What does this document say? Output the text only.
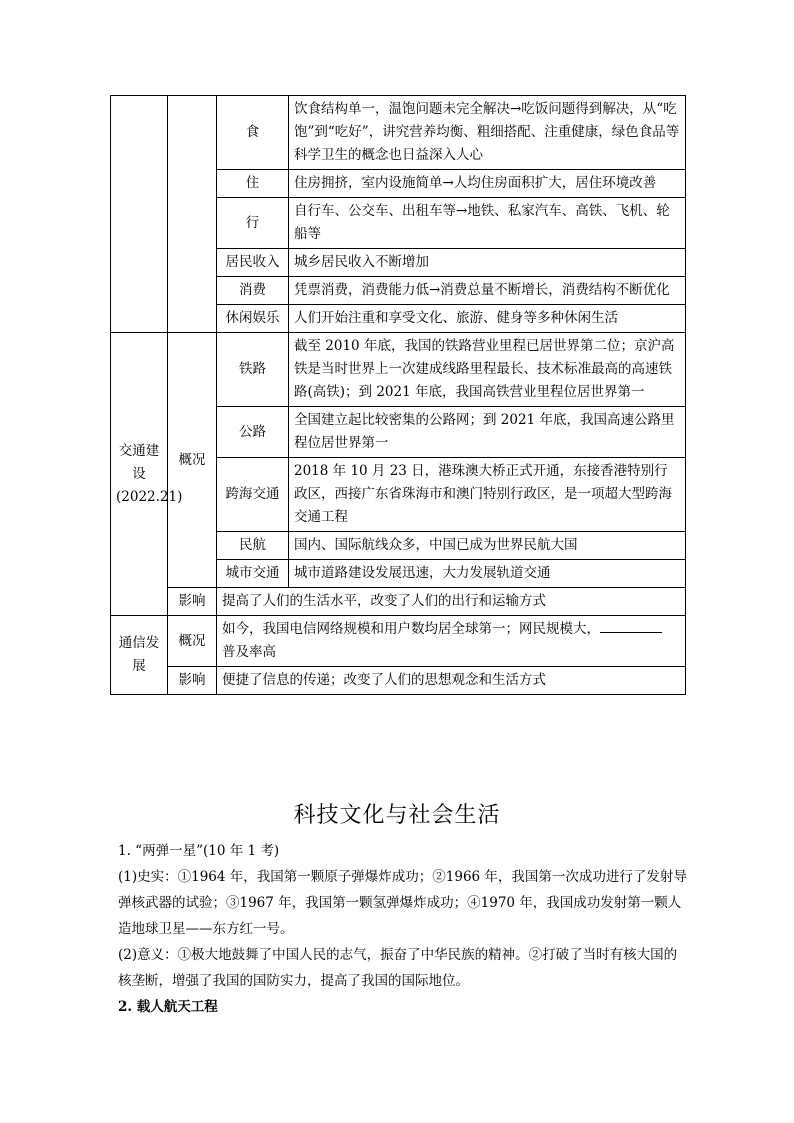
		食	饮食结构单一，温饱问题未完全解决→吃饭问题得到解决，从“吃饱”到“吃好”，讲究营养均衡、粗细搭配、注重健康，绿色食品等科学卫生的概念也日益深入人心
		住	住房拥挤，室内设施简单→人均住房面积扩大，居住环境改善
		行	自行车、公交车、出租车等→地铁、私家汽车、高铁、飞机、轮船等
		居民收入	城乡居民收入不断增加
		消费	凭票消费，消费能力低→消费总量不断增长，消费结构不断优化
		休闲娱乐	人们开始注重和享受文化、旅游、健身等多种休闲生活
交通建设(2022.21)	概况	铁路	截至 2010 年底，我国的铁路营业里程已居世界第二位；京沪高铁是当时世界上一次建成线路里程最长、技术标准最高的高速铁路(高铁)；到 2021 年底，我国高铁营业里程位居世界第一
		公路	全国建立起比较密集的公路网；到 2021 年底，我国高速公路里程位居世界第一
		跨海交通	2018 年 10 月 23 日，港珠澳大桥正式开通，东接香港特别行政区，西接广东省珠海市和澳门特别行政区，是一项超大型跨海交通工程
		民航	国内、国际航线众多，中国已成为世界民航大国
		城市交通	城市道路建设发展迅速，大力发展轨道交通
	影响	提高了人们的生活水平，改变了人们的出行和运输方式	
通信发展	概况	如今，我国电信网络规模和用户数均居全球第一；网民规模大，
普及率高	
	影响	便捷了信息的传递；改变了人们的思想观念和生活方式	
科技文化与社会生活

1. “两弹一星”(10 年 1 考)

(1)史实：①1964 年，我国第一颗原子弹爆炸成功；②1966 年，我国第一次成功进行了发射导弹核武器的试验；③1967 年，我国第一颗氢弹爆炸成功；④1970 年，我国成功发射第一颗人造地球卫星——东方红一号。

(2)意义：①极大地鼓舞了中国人民的志气，振奋了中华民族的精神。②打破了当时有核大国的核垄断，增强了我国的国防实力，提高了我国的国际地位。

2. 载人航天工程
